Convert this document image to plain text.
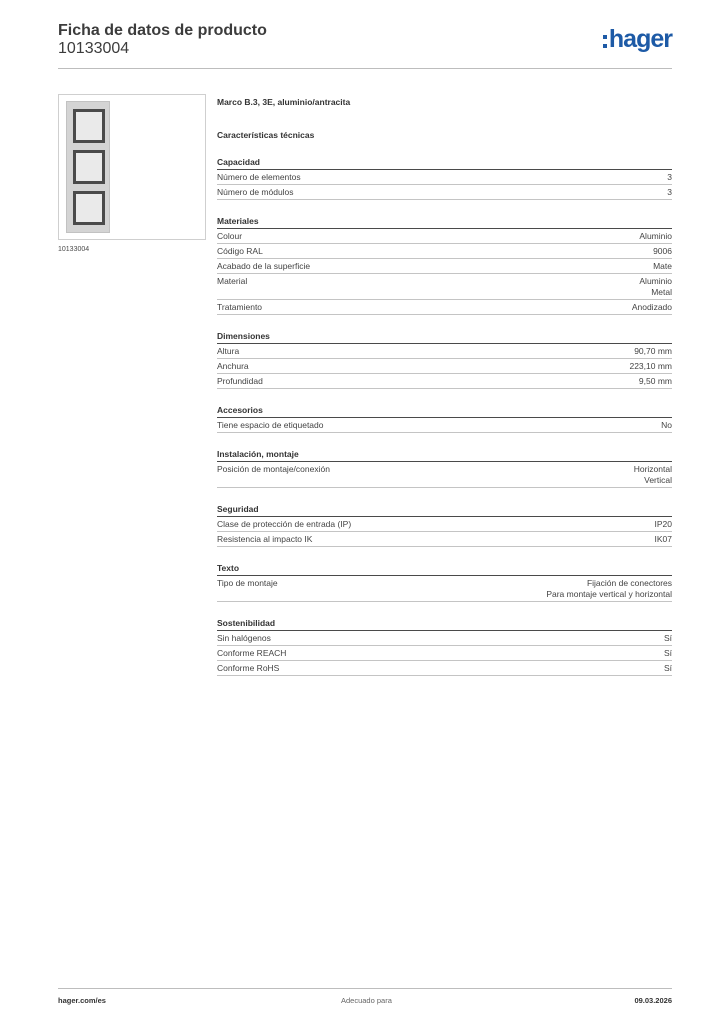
Ficha de datos de producto
10133004	hager
10133004
Marco B.3, 3E, aluminio/antracita
Características técnicas
Capacidad
Número de elementos	3
Número de módulos	3
Materiales
Colour	Aluminio
Código RAL	9006
Acabado de la superficie	Mate
Material	Aluminio
Metal
Tratamiento	Anodizado
Dimensiones
Altura	90,70 mm
Anchura	223,10 mm
Profundidad	9,50 mm
Accesorios
Tiene espacio de etiquetado	No
Instalación, montaje
Posición de montaje/conexión	Horizontal
Vertical
Seguridad
Clase de protección de entrada (IP)	IP20
Resistencia al impacto IK	IK07
Texto
Tipo de montaje	Fijación de conectores
Para montaje vertical y horizontal
Sostenibilidad
Sin halógenos	Sí
Conforme REACH	Sí
Conforme RoHS	Sí
hager.com/es	Adecuado para	09.03.2026
